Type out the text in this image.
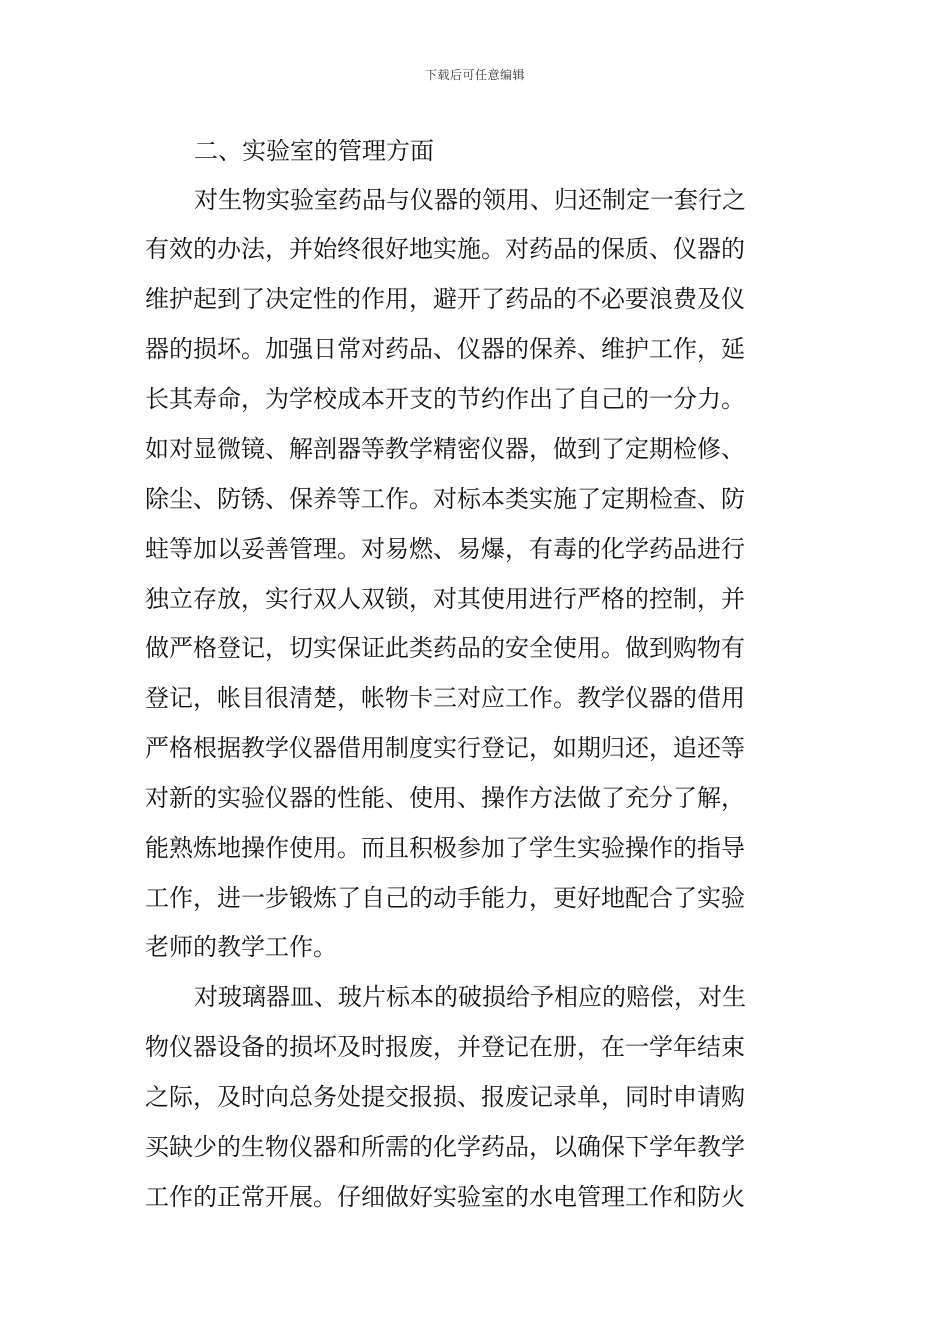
下载后可任意编辑
二、实验室的管理方面
对生物实验室药品与仪器的领用、归还制定一套行之
有效的办法，并始终很好地实施。对药品的保质、仪器的
维护起到了决定性的作用，避开了药品的不必要浪费及仪
器的损坏。加强日常对药品、仪器的保养、维护工作，延
长其寿命，为学校成本开支的节约作出了自己的一分力。
如对显微镜、解剖器等教学精密仪器，做到了定期检修、
除尘、防锈、保养等工作。对标本类实施了定期检查、防
蛀等加以妥善管理。对易燃、易爆，有毒的化学药品进行
独立存放，实行双人双锁，对其使用进行严格的控制，并
做严格登记，切实保证此类药品的安全使用。做到购物有
登记，帐目很清楚，帐物卡三对应工作。教学仪器的借用
严格根据教学仪器借用制度实行登记，如期归还，追还等
对新的实验仪器的性能、使用、操作方法做了充分了解，
能熟炼地操作使用。而且积极参加了学生实验操作的指导
工作，进一步锻炼了自己的动手能力，更好地配合了实验
老师的教学工作。
对玻璃器皿、玻片标本的破损给予相应的赔偿，对生
物仪器设备的损坏及时报废，并登记在册，在一学年结束
之际，及时向总务处提交报损、报废记录单，同时申请购
买缺少的生物仪器和所需的化学药品，以确保下学年教学
工作的正常开展。仔细做好实验室的水电管理工作和防火
